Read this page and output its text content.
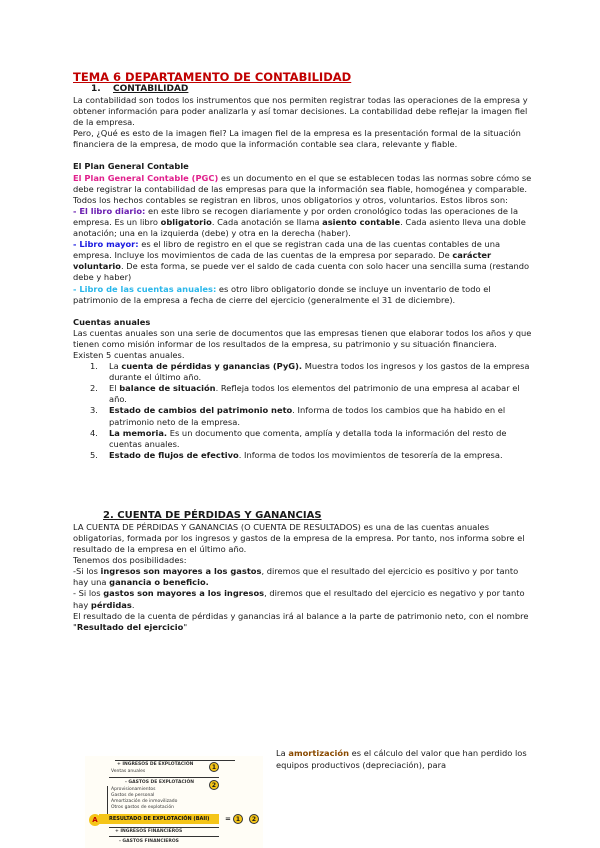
TEMA 6 DEPARTAMENTO DE CONTABILIDAD

1. CONTABILIDAD

La contabilidad son todos los instrumentos que nos permiten registrar todas las operaciones de la empresa y obtener información para poder analizarla y así tomar decisiones. La contabilidad debe reflejar la imagen fiel de la empresa.

Pero, ¿Qué es esto de la imagen fiel? La imagen fiel de la empresa es la presentación formal de la situación financiera de la empresa, de modo que la información contable sea clara, relevante y fiable.

El Plan General Contable

El Plan General Contable (PGC) es un documento en el que se establecen todas las normas sobre cómo se debe registrar la contabilidad de las empresas para que la información sea fiable, homogénea y comparable.

Todos los hechos contables se registran en libros, unos obligatorios y otros, voluntarios. Estos libros son:

- El libro diario: en este libro se recogen diariamente y por orden cronológico todas las operaciones de la empresa. Es un libro obligatorio. Cada anotación se llama asiento contable. Cada asiento lleva una doble anotación; una en la izquierda (debe) y otra en la derecha (haber).

- Libro mayor: es el libro de registro en el que se registran cada una de las cuentas contables de una empresa. Incluye los movimientos de cada de las cuentas de la empresa por separado. De carácter voluntario. De esta forma, se puede ver el saldo de cada cuenta con solo hacer una sencilla suma (restando debe y haber)

- Libro de las cuentas anuales: es otro libro obligatorio donde se incluye un inventario de todo el patrimonio de la empresa a fecha de cierre del ejercicio (generalmente el 31 de diciembre).

Cuentas anuales

Las cuentas anuales son una serie de documentos que las empresas tienen que elaborar todos los años y que tienen como misión informar de los resultados de la empresa, su patrimonio y su situación financiera.

Existen 5 cuentas anuales.

1.	La cuenta de pérdidas y ganancias (PyG). Muestra todos los ingresos y los gastos de la empresa durante el último año.
2.	El balance de situación. Refleja todos los elementos del patrimonio de una empresa al acabar el año.
3.	Estado de cambios del patrimonio neto. Informa de todos los cambios que ha habido en el patrimonio neto de la empresa.
4.	La memoria. Es un documento que comenta, amplía y detalla toda la información del resto de cuentas anuales.
5.	Estado de flujos de efectivo. Informa de todos los movimientos de tesorería de la empresa.

2. CUENTA DE PÉRDIDAS Y GANANCIAS

LA CUENTA DE PÉRDIDAS Y GANANCIAS (O CUENTA DE RESULTADOS) es una de las cuentas anuales obligatorias, formada por los ingresos y gastos de la empresa de la empresa. Por tanto, nos informa sobre el resultado de la empresa en el último año.

Tenemos dos posibilidades:

-Si los ingresos son mayores a los gastos, diremos que el resultado del ejercicio es positivo y por tanto hay una ganancia o beneficio.

- Si los gastos son mayores a los ingresos, diremos que el resultado del ejercicio es negativo y por tanto hay pérdidas.

El resultado de la cuenta de pérdidas y ganancias irá al balance a la parte de patrimonio neto, con el nombre "Resultado del ejercicio"

+ INGRESOS DE EXPLOTACIÓN
Ventas anuales
1
- GASTOS DE EXPLOTACIÓN
Aprovisionamientos
Gastos de personal
Amortización de inmovilizado
Otros gastos de explotación
2
A	RESULTADO DE EXPLOTACIÓN (BAII)	= 1	2
+ INGRESOS FINANCIEROS
- GASTOS FINANCIEROS
La amortización es el cálculo del valor que han perdido los equipos productivos (depreciación), para
